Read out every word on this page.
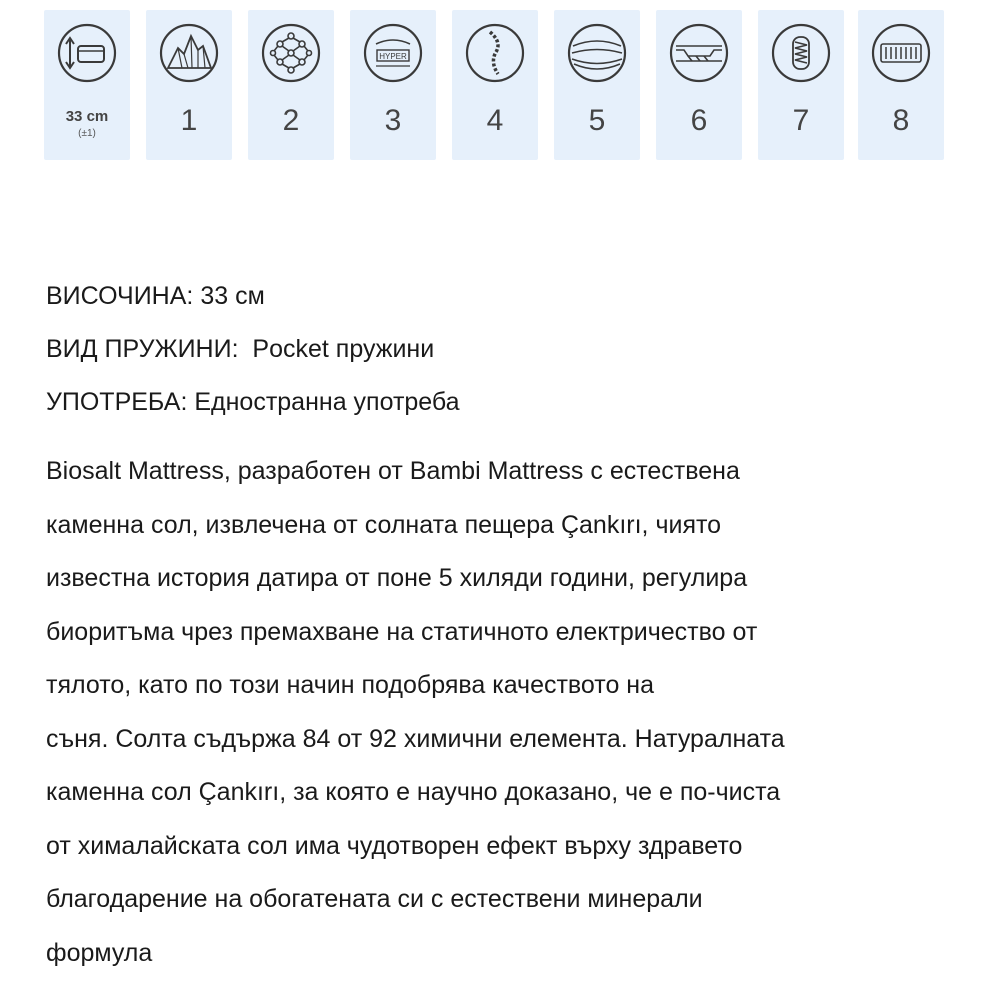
33 cm
(±1)	1	2
HYPER
3	4	5	6	7	8
ВИСОЧИНА: 33 см
ВИД ПРУЖИНИ:  Pocket пружини
УПОТРЕБА: Едностранна употреба
Biosalt Mattress, разработен от Bambi Mattress с естествена
каменна сол, извлечена от солната пещера Çankırı, чиято
известна история датира от поне 5 хиляди години, регулира
биоритъма чрез премахване на статичното електричество от
тялото, като по този начин подобрява качеството на
съня. Солта съдържа 84 от 92 химични елемента. Натуралната
каменна сол Çankırı, за която е научно доказано, че е по-чиста
от хималайската сол има чудотворен ефект върху здравето
благодарение на обогатената си с естествени минерали
формула
